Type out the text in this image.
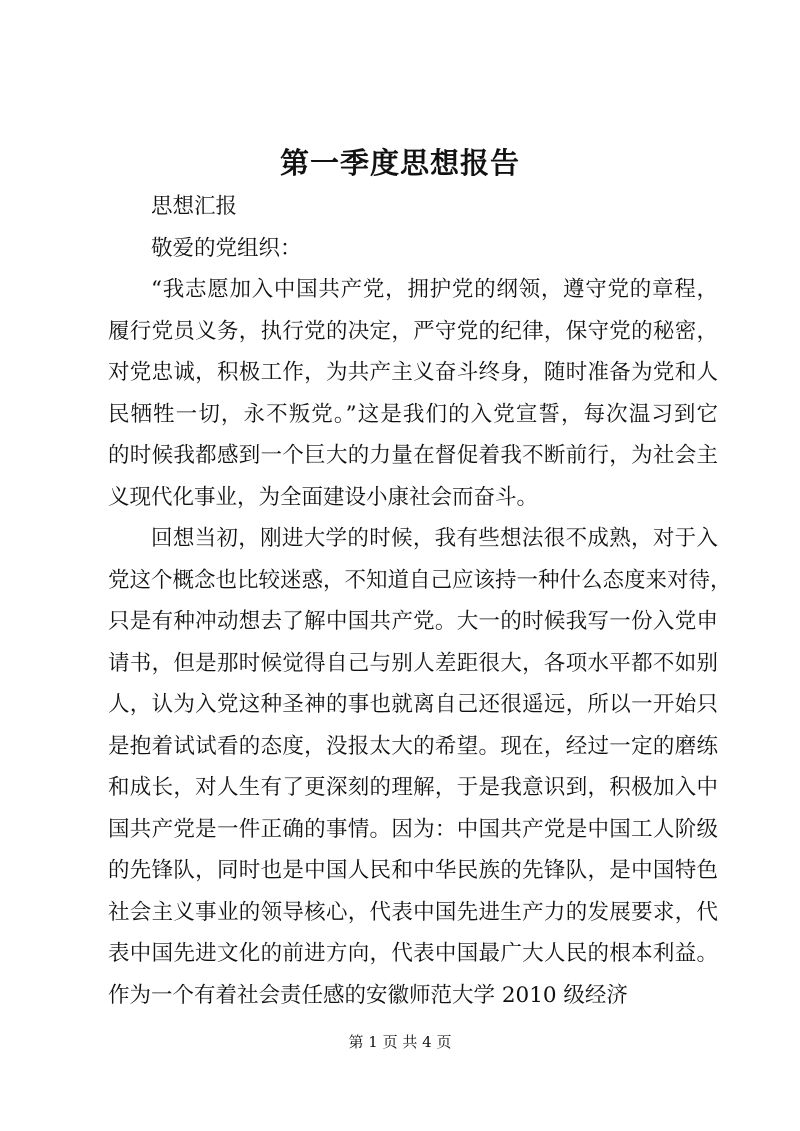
第一季度思想报告

思想汇报

敬爱的党组织：

“我志愿加入中国共产党，拥护党的纲领，遵守党的章程，

履行党员义务，执行党的决定，严守党的纪律，保守党的秘密，

对党忠诚，积极工作，为共产主义奋斗终身，随时准备为党和人

民牺牲一切，永不叛党。”这是我们的入党宣誓，每次温习到它

的时候我都感到一个巨大的力量在督促着我不断前行，为社会主

义现代化事业，为全面建设小康社会而奋斗。

回想当初，刚进大学的时候，我有些想法很不成熟，对于入

党这个概念也比较迷惑，不知道自己应该持一种什么态度来对待，

只是有种冲动想去了解中国共产党。大一的时候我写一份入党申

请书，但是那时候觉得自己与别人差距很大，各项水平都不如别

人，认为入党这种圣神的事也就离自己还很遥远，所以一开始只

是抱着试试看的态度，没报太大的希望。现在，经过一定的磨练

和成长，对人生有了更深刻的理解，于是我意识到，积极加入中

国共产党是一件正确的事情。因为：中国共产党是中国工人阶级

的先锋队，同时也是中国人民和中华民族的先锋队，是中国特色

社会主义事业的领导核心，代表中国先进生产力的发展要求，代

表中国先进文化的前进方向，代表中国最广大人民的根本利益。

作为一个有着社会责任感的安徽师范大学 2010 级经济

第 1 页 共 4 页
